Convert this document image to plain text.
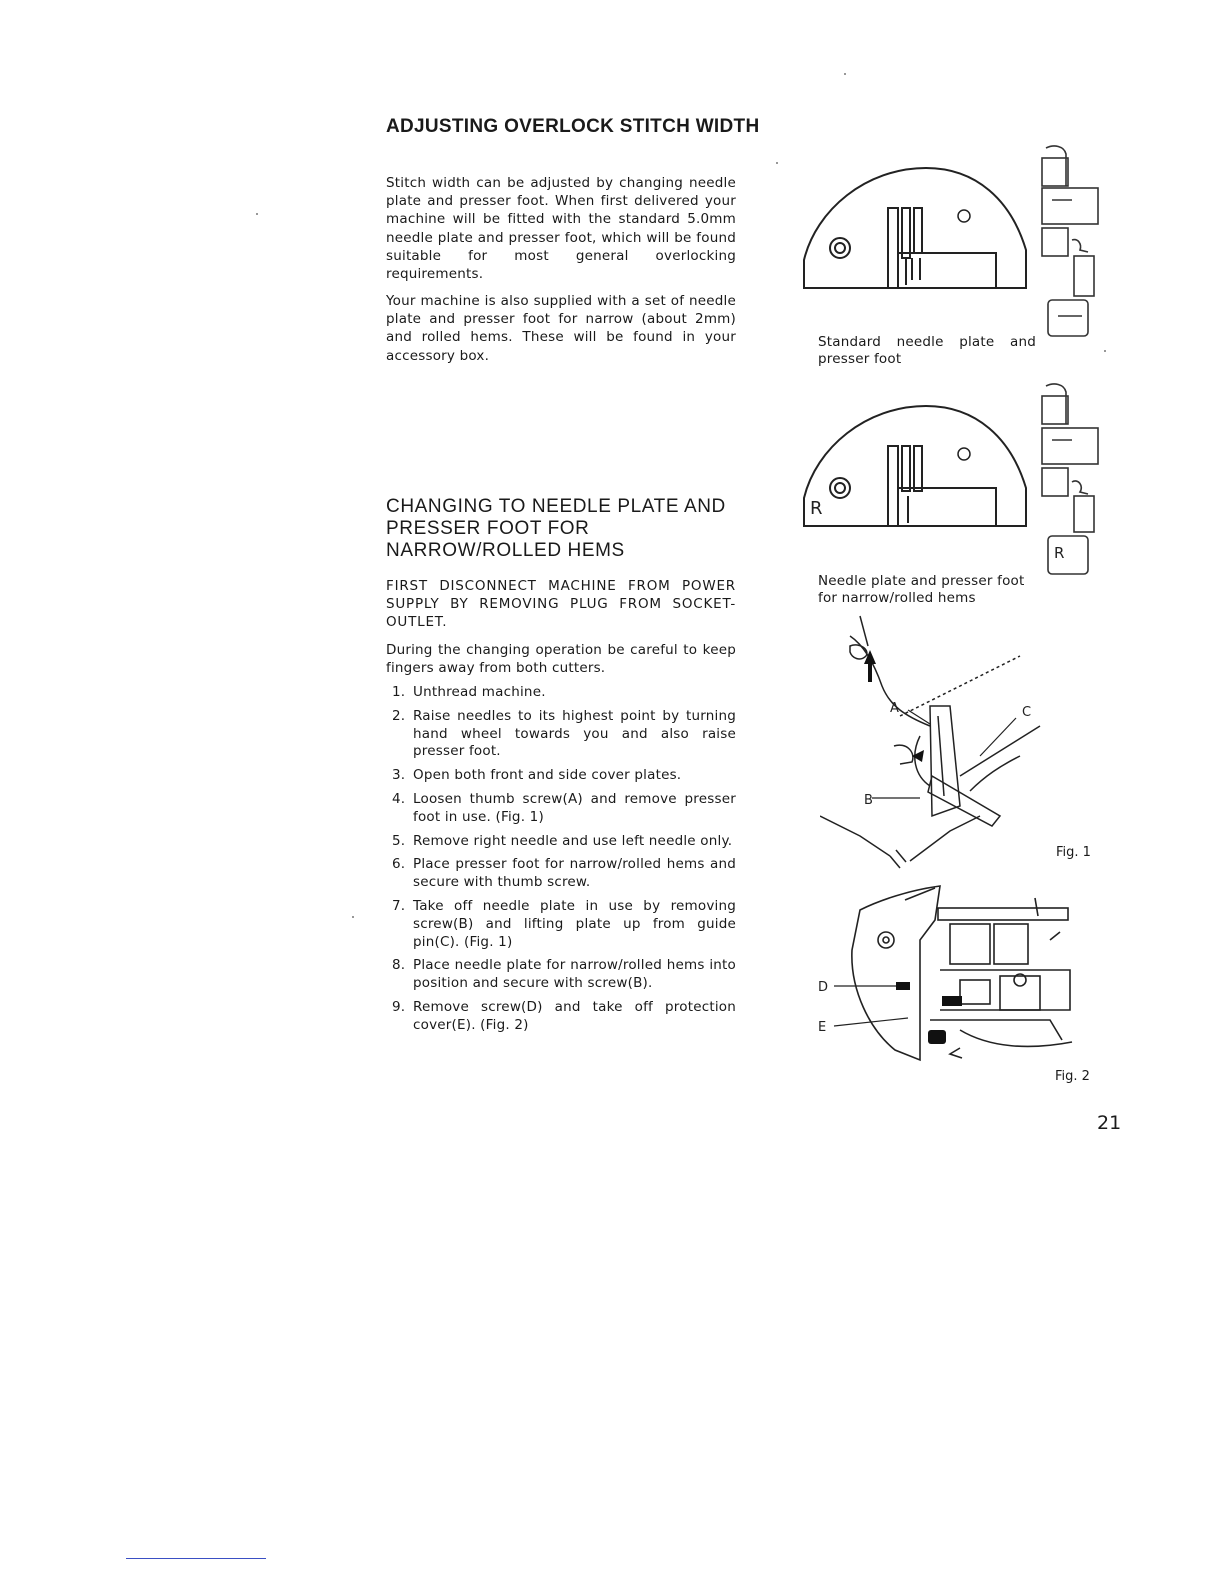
ADJUSTING OVERLOCK STITCH WIDTH

Stitch width can be adjusted by changing needle plate and presser foot. When first delivered your machine will be fitted with the standard 5.0mm needle plate and presser foot, which will be found suitable for most general overlocking requirements.

Your machine is also supplied with a set of needle plate and presser foot for narrow (about 2mm) and rolled hems. These will be found in your accessory box.

CHANGING TO NEEDLE PLATE AND PRESSER FOOT FOR NARROW/ROLLED HEMS

FIRST DISCONNECT MACHINE FROM POWER SUPPLY BY REMOVING PLUG FROM SOCKET-OUTLET.

During the changing operation be careful to keep fingers away from both cutters.

1. Unthread machine.
2. Raise needles to its highest point by turning hand wheel towards you and also raise presser foot.
3. Open both front and side cover plates.
4. Loosen thumb screw(A) and remove presser foot in use. (Fig. 1)
5. Remove right needle and use left needle only.
6. Place presser foot for narrow/rolled hems and secure with thumb screw.
7. Take off needle plate in use by removing screw(B) and lifting plate up from guide pin(C). (Fig. 1)
8. Place needle plate for narrow/rolled hems into position and secure with screw(B).
9. Remove screw(D) and take off protection cover(E). (Fig. 2)

Standard needle plate and presser foot

R
R

Needle plate and presser foot for narrow/rolled hems

A
B
C
Fig. 1
D
E
Fig. 2
21
